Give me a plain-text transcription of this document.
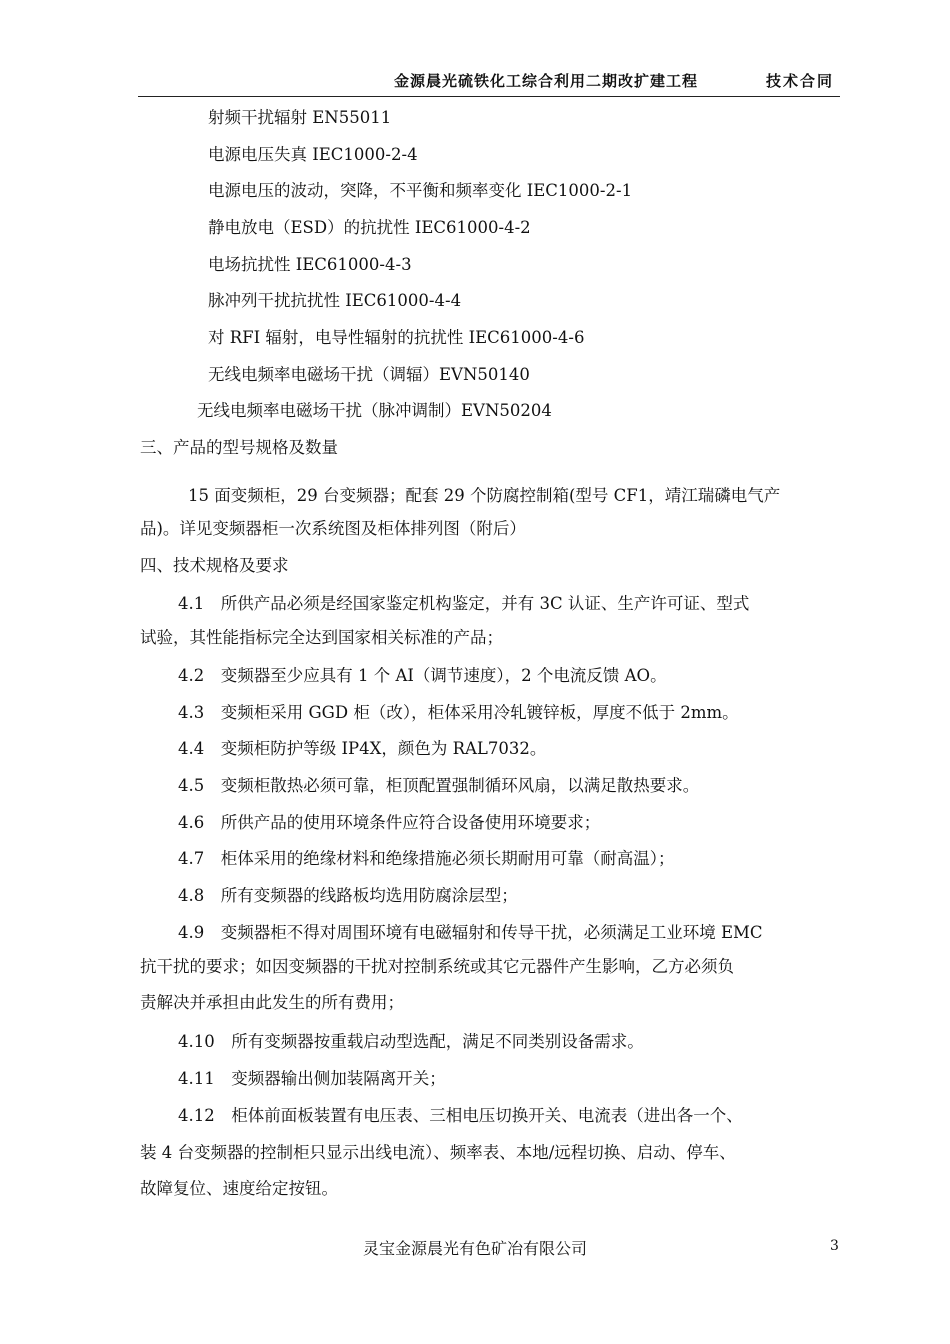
金源晨光硫铁化工综合利用二期改扩建工程	技术合同
射频干扰辐射 EN55011
电源电压失真 IEC1000-2-4
电源电压的波动，突降，不平衡和频率变化 IEC1000-2-1
静电放电（ESD）的抗扰性 IEC61000-4-2
电场抗扰性 IEC61000-4-3
脉冲列干扰抗扰性 IEC61000-4-4
对 RFI 辐射，电导性辐射的抗扰性 IEC61000-4-6
无线电频率电磁场干扰（调辐）EVN50140
无线电频率电磁场干扰（脉冲调制）EVN50204
三、产品的型号规格及数量
15 面变频柜，29 台变频器；配套 29 个防腐控制箱(型号 CF1，靖江瑞磷电气产
品)。详见变频器柜一次系统图及柜体排列图（附后）
四、技术规格及要求
4.1　所供产品必须是经国家鉴定机构鉴定，并有 3C 认证、生产许可证、型式
试验，其性能指标完全达到国家相关标准的产品；
4.2　变频器至少应具有 1 个 AI（调节速度），2 个电流反馈 AO。
4.3　变频柜采用 GGD 柜（改），柜体采用冷轧镀锌板，厚度不低于 2mm。
4.4　变频柜防护等级 IP4X，颜色为 RAL7032。
4.5　变频柜散热必须可靠，柜顶配置强制循环风扇，以满足散热要求。
4.6　所供产品的使用环境条件应符合设备使用环境要求；
4.7　柜体采用的绝缘材料和绝缘措施必须长期耐用可靠（耐高温）；
4.8　所有变频器的线路板均选用防腐涂层型；
4.9　变频器柜不得对周围环境有电磁辐射和传导干扰，必须满足工业环境 EMC
抗干扰的要求；如因变频器的干扰对控制系统或其它元器件产生影响，乙方必须负
责解决并承担由此发生的所有费用；
4.10　所有变频器按重载启动型选配，满足不同类别设备需求。
4.11　变频器输出侧加装隔离开关；
4.12　柜体前面板装置有电压表、三相电压切换开关、电流表（进出各一个、
装 4 台变频器的控制柜只显示出线电流）、频率表、本地/远程切换、启动、停车、
故障复位、速度给定按钮。
灵宝金源晨光有色矿冶有限公司	3
